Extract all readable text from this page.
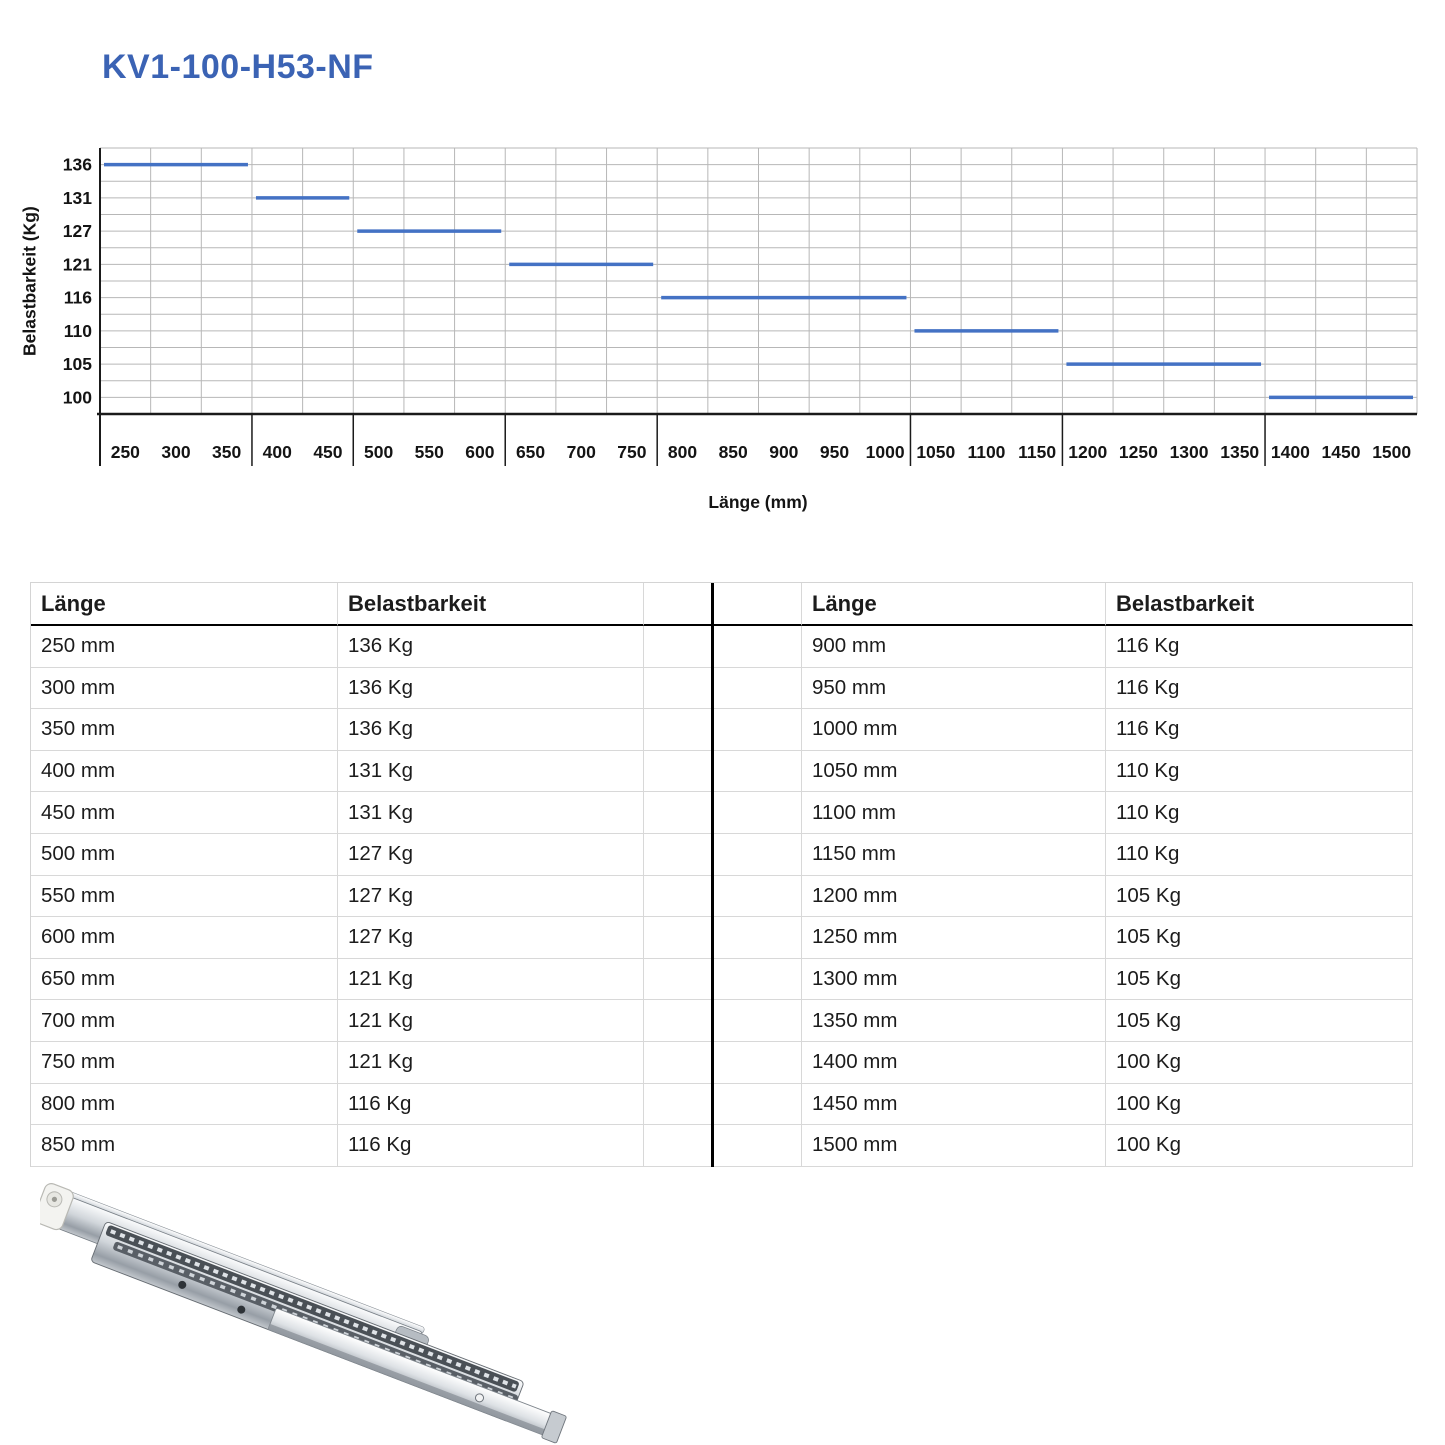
KV1-100-H53-NF
Belastbarkeit (Kg)
136
131
127
121
116
110
105
100
250 300 350 400 450 500 550 600 650 700 750 800 850 900 950 1000 1050 1100 1150 1200 1250 1300 1350 1400 1450 1500
Länge (mm)
Länge	Belastbarkeit	Länge	Belastbarkeit
250 mm	136 Kg	900 mm	116 Kg
300 mm	136 Kg	950 mm	116 Kg
350 mm	136 Kg	1000 mm	116 Kg
400 mm	131 Kg	1050 mm	110 Kg
450 mm	131 Kg	1100 mm	110 Kg
500 mm	127 Kg	1150 mm	110 Kg
550 mm	127 Kg	1200 mm	105 Kg
600 mm	127 Kg	1250 mm	105 Kg
650 mm	121 Kg	1300 mm	105 Kg
700 mm	121 Kg	1350 mm	105 Kg
750 mm	121 Kg	1400 mm	100 Kg
800 mm	116 Kg	1450 mm	100 Kg
850 mm	116 Kg	1500 mm	100 Kg
